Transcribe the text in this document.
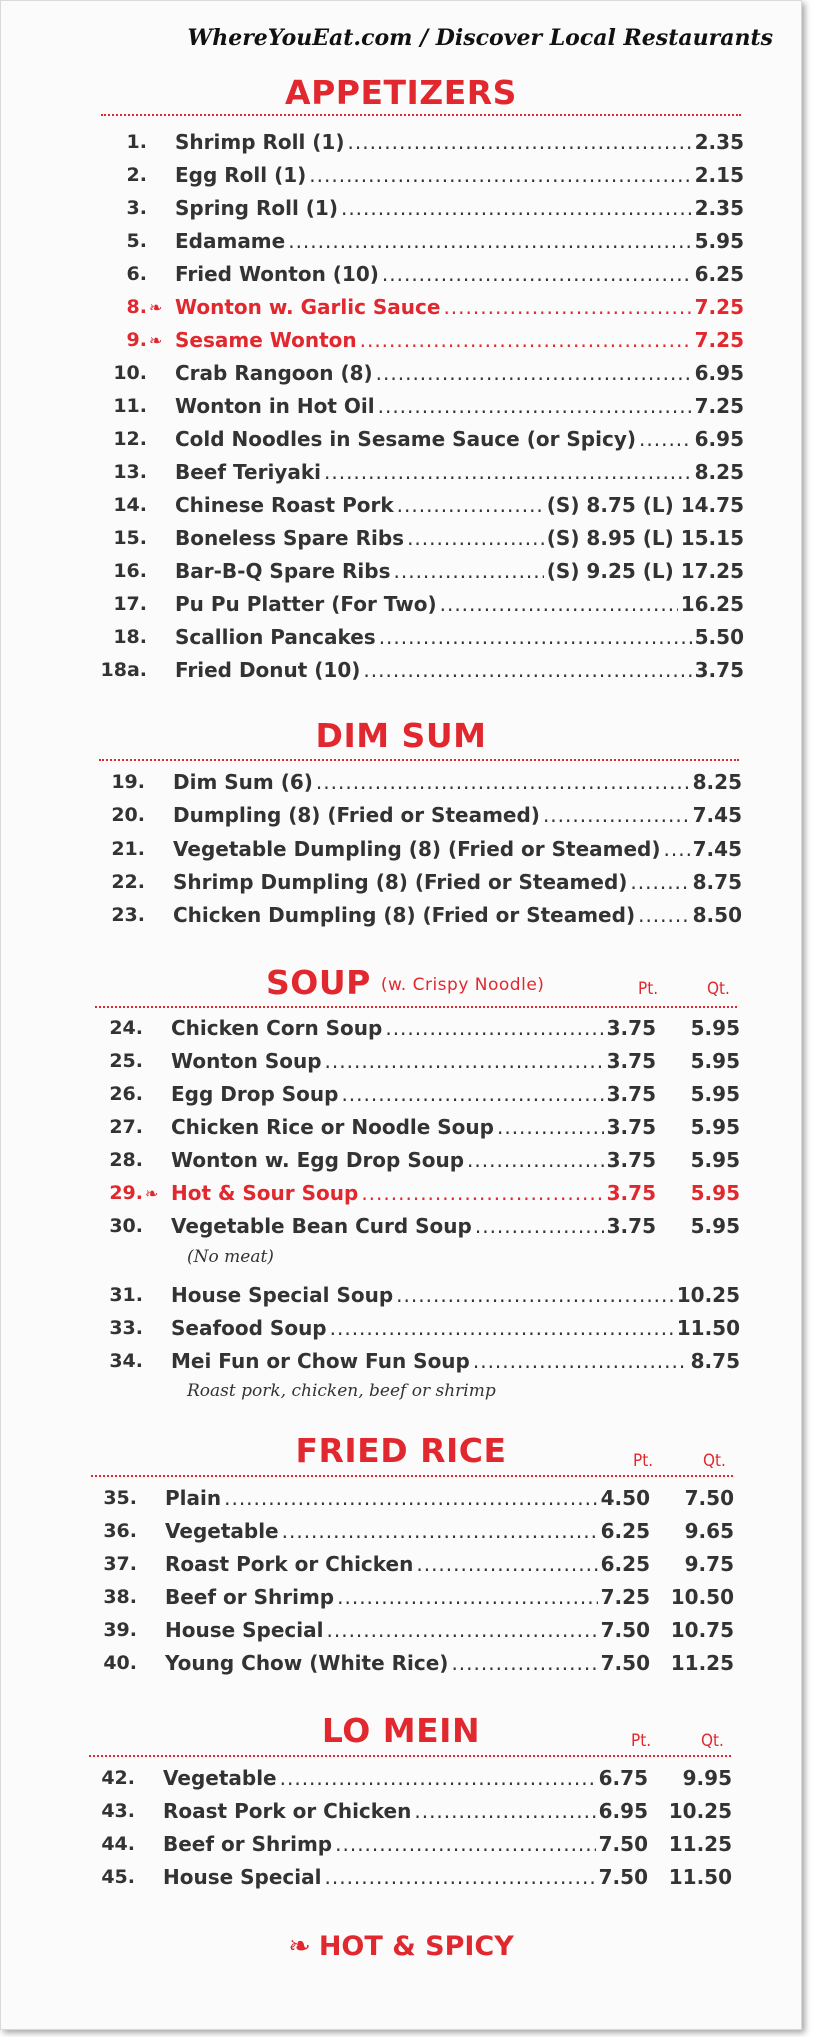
WhereYouEat.com / Discover Local Restaurants
APPETIZERS
1. Shrimp Roll (1) .....	2.35
2. Egg Roll (1) .....	2.15
3. Spring Roll (1) .....	2.35
5. Edamame .....	5.95
6. Fried Wonton (10) .....	6.25
8. ❧ Wonton w. Garlic Sauce .....	7.25
9. ❧ Sesame Wonton .....	7.25
10. Crab Rangoon (8) .....	6.95
11. Wonton in Hot Oil .....	7.25
12. Cold Noodles in Sesame Sauce (or Spicy) .....	6.95
13. Beef Teriyaki .....	8.25
14. Chinese Roast Pork .....	(S) 8.75 (L) 14.75
15. Boneless Spare Ribs .....	(S) 8.95 (L) 15.15
16. Bar-B-Q Spare Ribs .....	(S) 9.25 (L) 17.25
17. Pu Pu Platter (For Two) .....	16.25
18. Scallion Pancakes .....	5.50
18a. Fried Donut (10) .....	3.75
DIM SUM
19. Dim Sum (6) .....	8.25
20. Dumpling (8) (Fried or Steamed) .....	7.45
21. Vegetable Dumpling (8) (Fried or Steamed) ..... 7.45
22. Shrimp Dumpling (8) (Fried or Steamed) .....	8.75
23. Chicken Dumpling (8) (Fried or Steamed) .....	8.50
SOUP (w. Crispy Noodle)	Pt.	Qt.
24. Chicken Corn Soup .....	3.75	5.95
25. Wonton Soup .....	3.75	5.95
26. Egg Drop Soup .....	3.75	5.95
27. Chicken Rice or Noodle Soup .....	3.75	5.95
28. Wonton w. Egg Drop Soup .....	3.75	5.95
29. ❧ Hot & Sour Soup .....	3.75	5.95
30. Vegetable Bean Curd Soup .....	3.75	5.95
(No meat)
31. House Special Soup .....	10.25
33. Seafood Soup .....	11.50
34. Mei Fun or Chow Fun Soup .....	8.75
Roast pork, chicken, beef or shrimp
FRIED RICE	Pt.	Qt.
35. Plain .....	4.50	7.50
36. Vegetable .....	6.25	9.65
37. Roast Pork or Chicken .....	6.25	9.75
38. Beef or Shrimp .....	7.25	10.50
39. House Special .....	7.50	10.75
40. Young Chow (White Rice) .....	7.50	11.25
LO MEIN	Pt.	Qt.
42. Vegetable .....	6.75	9.95
43. Roast Pork or Chicken .....	6.95	10.25
44. Beef or Shrimp .....	7.50	11.25
45. House Special .....	7.50	11.50
❧ HOT & SPICY
